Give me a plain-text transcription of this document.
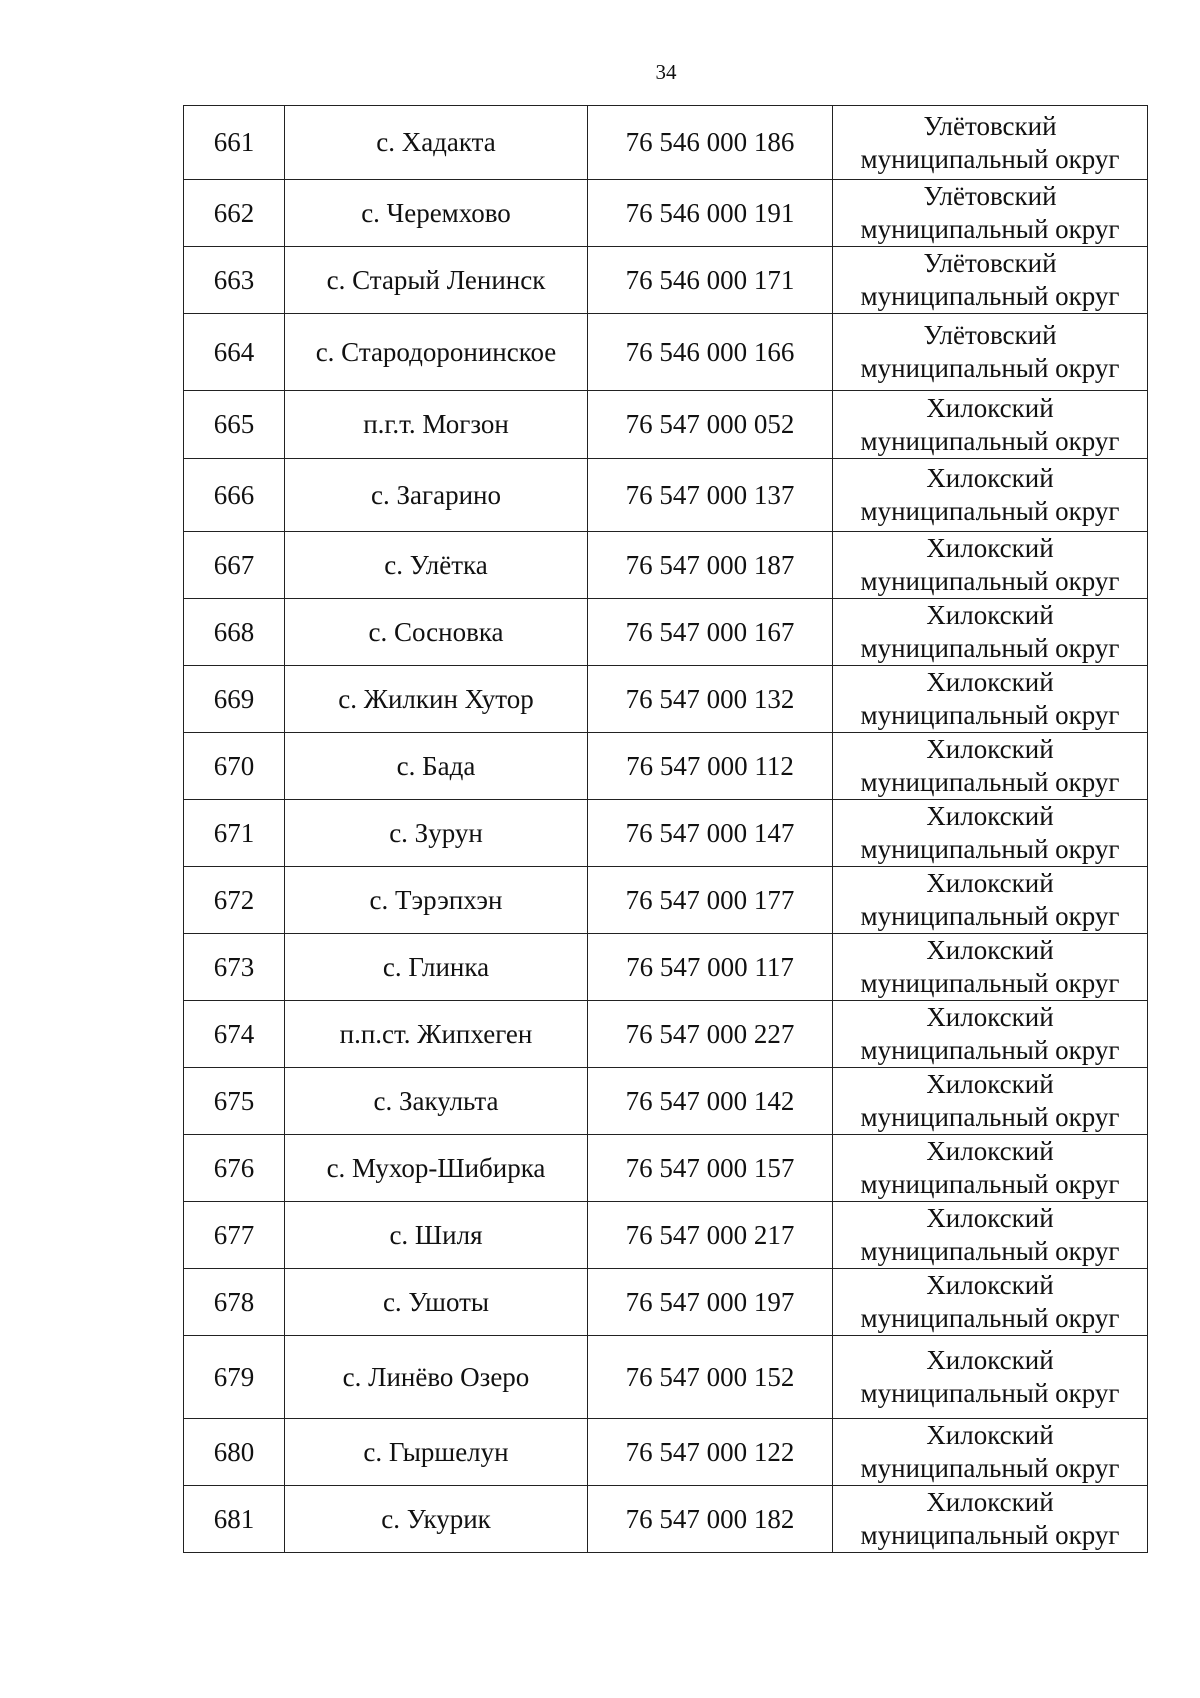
34
661	с. Хадакта	76 546 000 186	Улётовский
муниципальный округ

662	с. Черемхово	76 546 000 191	Улётовский
муниципальный округ

663	с. Старый Ленинск	76 546 000 171	Улётовский
муниципальный округ

664	с. Стародоронинское	76 546 000 166	Улётовский
муниципальный округ

665	п.г.т. Могзон	76 547 000 052	Хилокский
муниципальный округ

666	с. Загарино	76 547 000 137	Хилокский
муниципальный округ

667	с. Улётка	76 547 000 187	Хилокский
муниципальный округ

668	с. Сосновка	76 547 000 167	Хилокский
муниципальный округ

669	с. Жилкин Хутор	76 547 000 132	Хилокский
муниципальный округ

670	с. Бада	76 547 000 112	Хилокский
муниципальный округ

671	с. Зурун	76 547 000 147	Хилокский
муниципальный округ

672	с. Тэрэпхэн	76 547 000 177	Хилокский
муниципальный округ

673	с. Глинка	76 547 000 117	Хилокский
муниципальный округ

674	п.п.ст. Жипхеген	76 547 000 227	Хилокский
муниципальный округ

675	с. Закульта	76 547 000 142	Хилокский
муниципальный округ

676	с. Мухор-Шибирка	76 547 000 157	Хилокский
муниципальный округ

677	с. Шиля	76 547 000 217	Хилокский
муниципальный округ

678	с. Ушоты	76 547 000 197	Хилокский
муниципальный округ

679	с. Линёво Озеро	76 547 000 152	Хилокский
муниципальный округ

680	с. Гыршелун	76 547 000 122	Хилокский
муниципальный округ

681	с. Укурик	76 547 000 182	Хилокский
муниципальный округ
